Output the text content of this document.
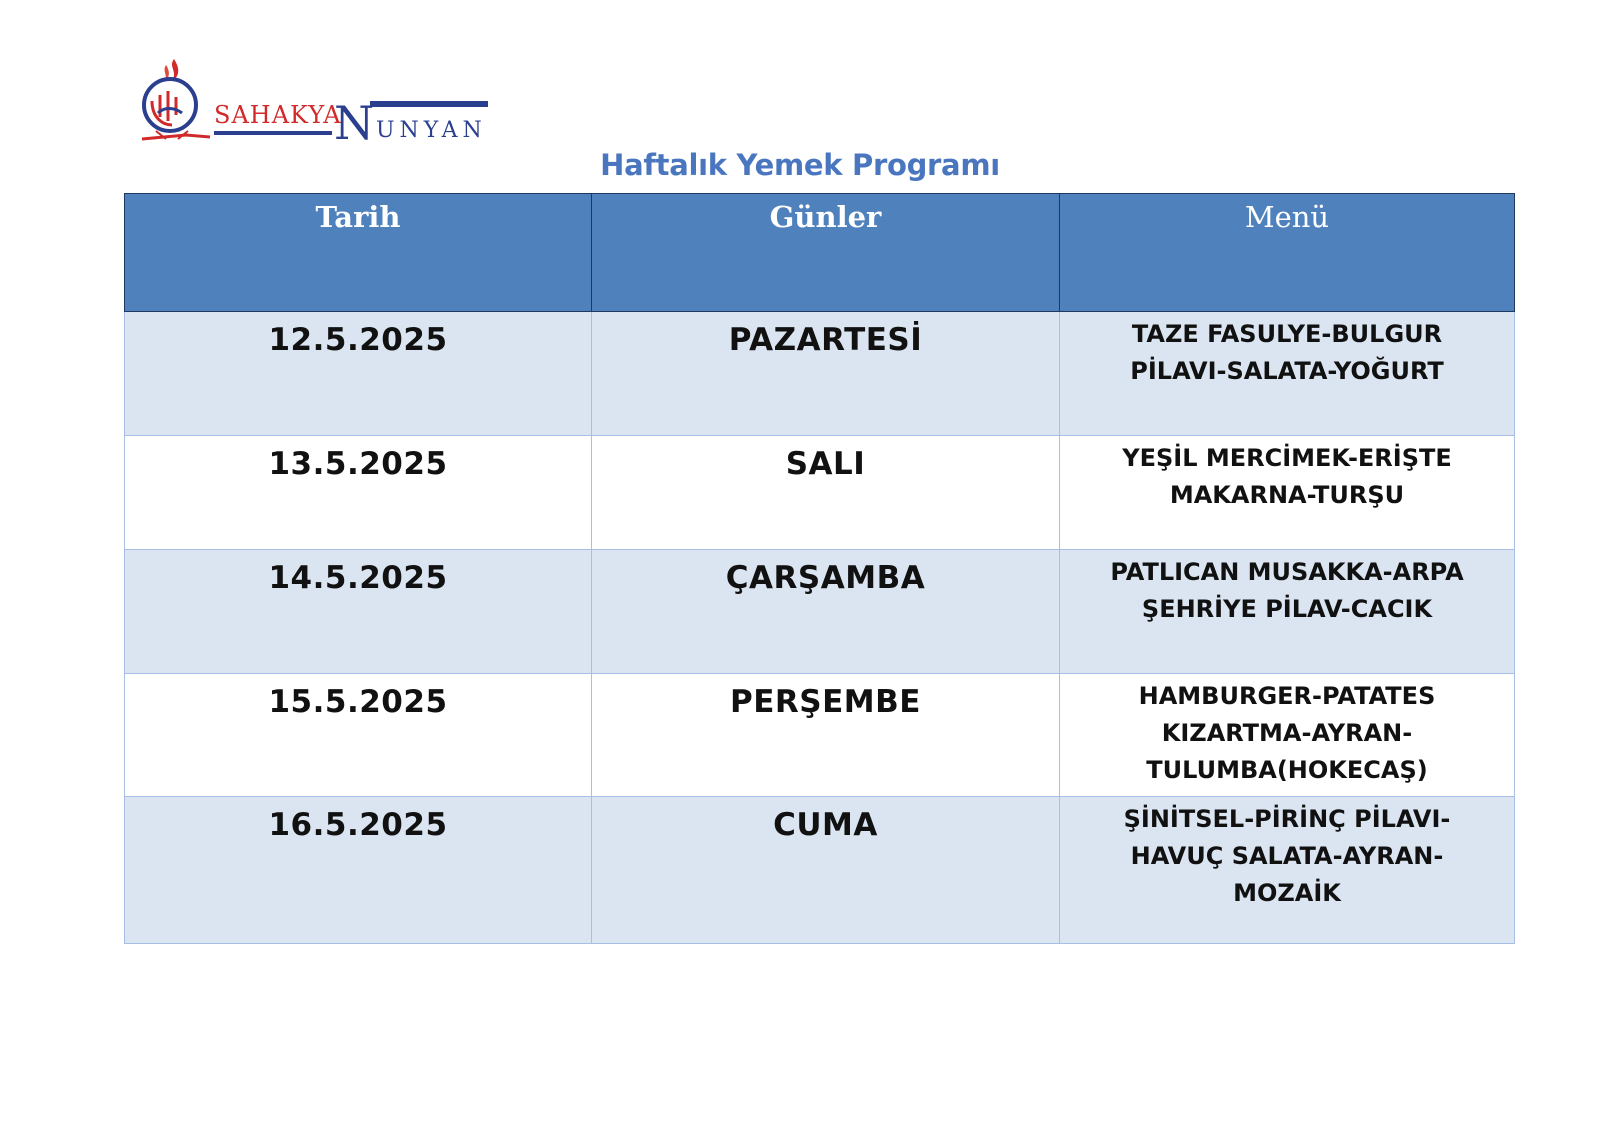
SAHAKYA
N UNYAN
Haftalık Yemek Programı
Tarih	Günler	Menü

12.5.2025	PAZARTESİ	TAZE FASULYE-BULGUR
PİLAVI-SALATA-YOĞURT

13.5.2025	SALI	YEŞİL MERCİMEK-ERİŞTE
MAKARNA-TURŞU

14.5.2025	ÇARŞAMBA	PATLICAN MUSAKKA-ARPA
ŞEHRİYE PİLAV-CACIK

15.5.2025	PERŞEMBE	HAMBURGER-PATATES
KIZARTMA-AYRAN-
TULUMBA(HOKECAŞ)

16.5.2025	CUMA	ŞİNİTSEL-PİRİNÇ PİLAVI-
HAVUÇ SALATA-AYRAN-
MOZAİK
